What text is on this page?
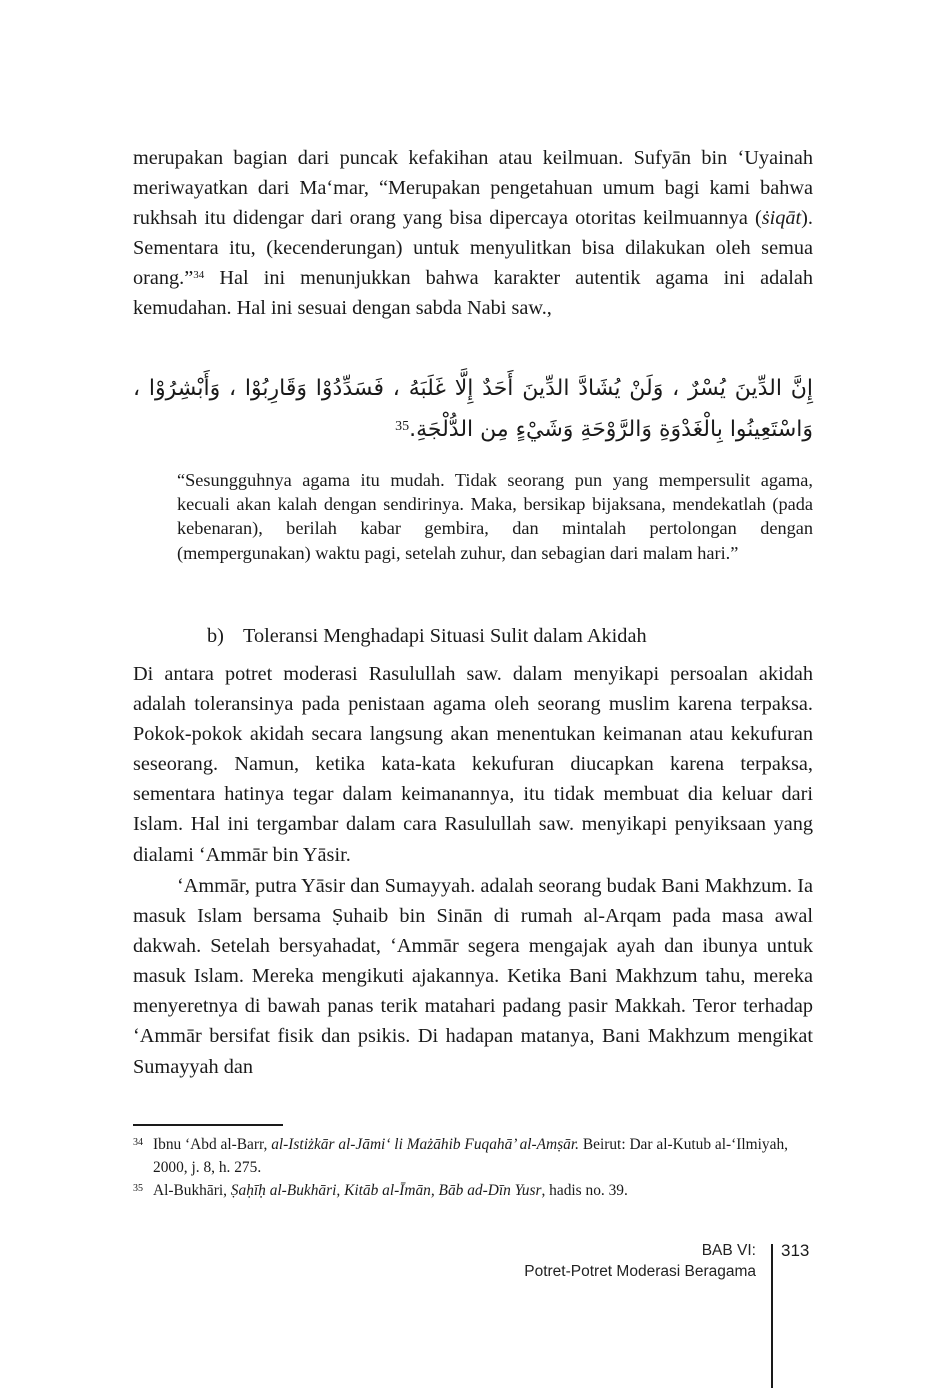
merupakan bagian dari puncak kefakihan atau keilmuan. Sufyān bin ‘Uyainah meriwayatkan dari Ma‘mar, “Merupakan pengetahuan umum bagi kami bahwa rukhsah itu didengar dari orang yang bisa dipercaya otoritas keilmuannya (ṡiqāt). Sementara itu, (kecenderungan) untuk menyulitkan bisa dilakukan oleh semua orang.”$^{34}$ Hal ini menunjukkan bahwa karakter autentik agama ini adalah kemudahan. Hal ini sesuai dengan sabda Nabi saw.,

إِنَّ الدِّينَ يُسْرٌ ، وَلَنْ يُشَادَّ الدِّينَ أَحَدٌ إِلَّا غَلَبَهُ ، فَسَدِّدُوْا وَقَارِبُوْا ، وَأَبْشِرُوْا ، وَاسْتَعِينُوا بِالْغَدْوَةِ وَالرَّوْحَةِ وَشَيْءٍ مِن الدُّلْجَةِ.$^{35}$

“Sesungguhnya agama itu mudah. Tidak seorang pun yang mempersulit agama, kecuali akan kalah dengan sendirinya. Maka, bersikap bijaksana, mendekatlah (pada kebenaran), berilah kabar gembira, dan mintalah pertolongan dengan (mempergunakan) waktu pagi, setelah zuhur, dan sebagian dari malam hari.”

b) Toleransi Menghadapi Situasi Sulit dalam Akidah

Di antara potret moderasi Rasulullah saw. dalam menyikapi persoalan akidah adalah toleransinya pada penistaan agama oleh seorang muslim karena terpaksa. Pokok-pokok akidah secara langsung akan menentukan keimanan atau kekufuran seseorang. Namun, ketika kata-kata kekufuran diucapkan karena terpaksa, sementara hatinya tegar dalam keimanannya, itu tidak membuat dia keluar dari Islam. Hal ini tergambar dalam cara Rasulullah saw. menyikapi penyiksaan yang dialami ‘Ammār bin Yāsir.

‘Ammār, putra Yāsir dan Sumayyah. adalah seorang budak Bani Makhzum. Ia masuk Islam bersama Ṣuhaib bin Sinān di rumah al-Arqam pada masa awal dakwah. Setelah bersyahadat, ‘Ammār segera mengajak ayah dan ibunya untuk masuk Islam. Mereka mengikuti ajakannya. Ketika Bani Makhzum tahu, mereka menyeretnya di bawah panas terik matahari padang pasir Makkah. Teror terhadap ‘Ammār bersifat fisik dan psikis. Di hadapan matanya, Bani Makhzum mengikat Sumayyah dan

34 Ibnu ‘Abd al-Barr, al-Istiżkār al-Jāmi‘ li Mażāhib Fuqahā’ al-Amṣār. Beirut: Dar al-Kutub al-‘Ilmiyah, 2000, j. 8, h. 275.

35 Al-Bukhāri, Ṣaḥīḥ al-Bukhāri, Kitāb al-Īmān, Bāb ad-Dīn Yusr, hadis no. 39.

BAB VI:
Potret-Potret Moderasi Beragama
313
